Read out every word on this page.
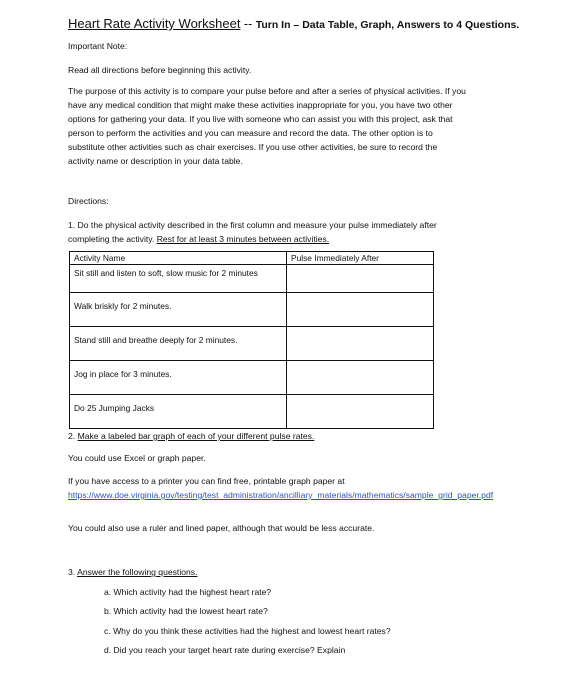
Heart Rate Activity Worksheet -- Turn In – Data Table, Graph, Answers to 4 Questions.
Important Note:
Read all directions before beginning this activity.
The purpose of this activity is to compare your pulse before and after a series of physical activities. If you
have any medical condition that might make these activities inappropriate for you, you have two other
options for gathering your data. If you live with someone who can assist you with this project, ask that
person to perform the activities and you can measure and record the data. The other option is to
substitute other activities such as chair exercises. If you use other activities, be sure to record the
activity name or description in your data table.
Directions:
1. Do the physical activity described in the first column and measure your pulse immediately after
completing the activity. Rest for at least 3 minutes between activities.
Activity Name	Pulse Immediately After
Sit still and listen to soft, slow music for 2 minutes	
Walk briskly for 2 minutes.	
Stand still and breathe deeply for 2 minutes.	
Jog in place for 3 minutes.	
Do 25 Jumping Jacks	
2. Make a labeled bar graph of each of your different pulse rates.
You could use Excel or graph paper.
If you have access to a printer you can find free, printable graph paper at
https://www.doe.virginia.gov/testing/test_administration/ancilliary_materials/mathematics/sample_grid_paper.pdf
You could also use a ruler and lined paper, although that would be less accurate.
3. Answer the following questions.
a. Which activity had the highest heart rate?
b. Which activity had the lowest heart rate?
c. Why do you think these activities had the highest and lowest heart rates?
d. Did you reach your target heart rate during exercise? Explain
